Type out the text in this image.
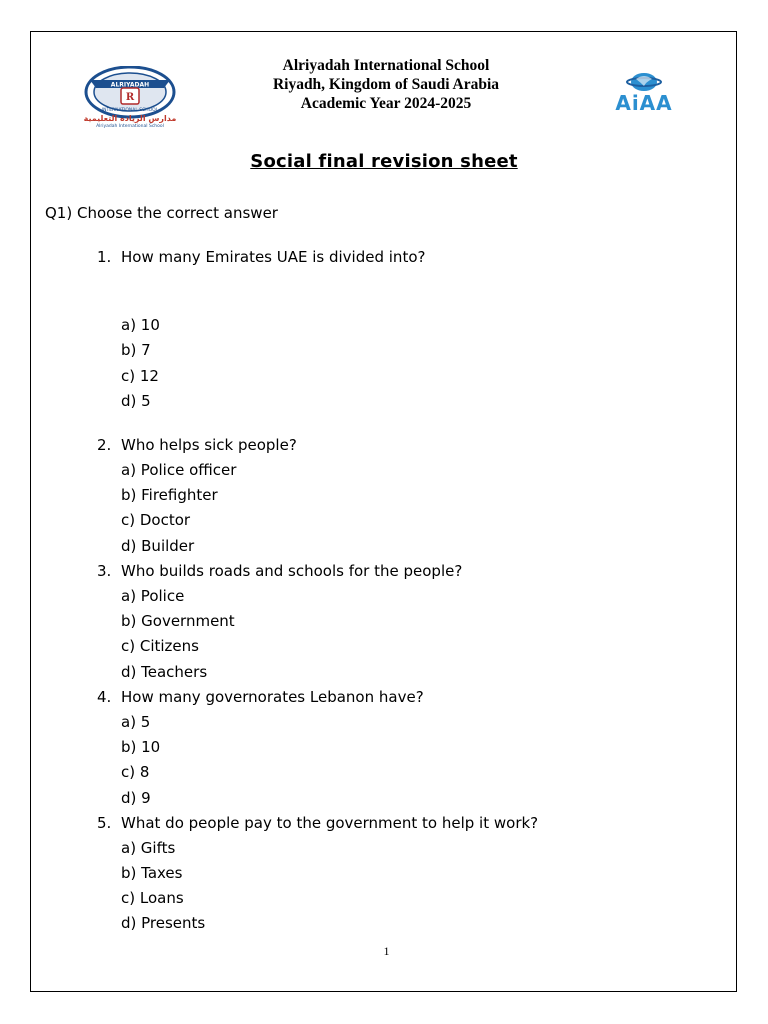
ALRIYADAH
R
INTERNATIONAL SCHOOL
مدارس الرياده التعليمية
Alriyadah International School
Alriyadah International School
Riyadh, Kingdom of Saudi Arabia
Academic Year 2024-2025	AiAA
Social final revision sheet
Q1) Choose the correct answer
1. How many Emirates UAE is divided into?
a) 10
b) 7
c) 12
d) 5
2. Who helps sick people?
a) Police officer
b) Firefighter
c) Doctor
d) Builder
3. Who builds roads and schools for the people?
a) Police
b) Government
c) Citizens
d) Teachers
4. How many governorates Lebanon have?
a) 5
b) 10
c) 8
d) 9
5. What do people pay to the government to help it work?
a) Gifts
b) Taxes
c) Loans
d) Presents
1
